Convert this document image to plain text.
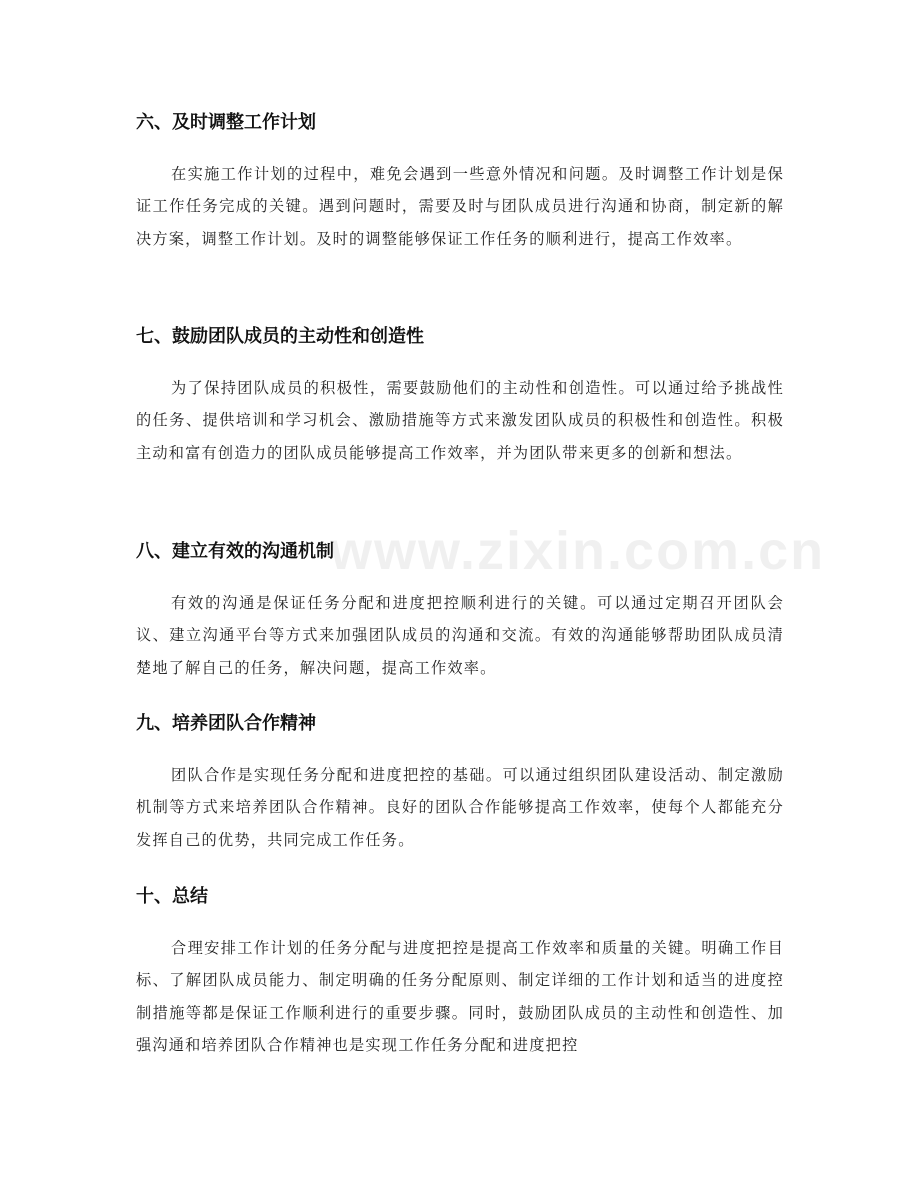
www.zixin.com.cn
六、及时调整工作计划

在实施工作计划的过程中，难免会遇到一些意外情况和问题。及时调整工作计划是保证工作任务完成的关键。遇到问题时，需要及时与团队成员进行沟通和协商，制定新的解决方案，调整工作计划。及时的调整能够保证工作任务的顺利进行，提高工作效率。

七、鼓励团队成员的主动性和创造性

为了保持团队成员的积极性，需要鼓励他们的主动性和创造性。可以通过给予挑战性的任务、提供培训和学习机会、激励措施等方式来激发团队成员的积极性和创造性。积极主动和富有创造力的团队成员能够提高工作效率，并为团队带来更多的创新和想法。

八、建立有效的沟通机制

有效的沟通是保证任务分配和进度把控顺利进行的关键。可以通过定期召开团队会议、建立沟通平台等方式来加强团队成员的沟通和交流。有效的沟通能够帮助团队成员清楚地了解自己的任务，解决问题，提高工作效率。

九、培养团队合作精神

团队合作是实现任务分配和进度把控的基础。可以通过组织团队建设活动、制定激励机制等方式来培养团队合作精神。良好的团队合作能够提高工作效率，使每个人都能充分发挥自己的优势，共同完成工作任务。

十、总结

合理安排工作计划的任务分配与进度把控是提高工作效率和质量的关键。明确工作目标、了解团队成员能力、制定明确的任务分配原则、制定详细的工作计划和适当的进度控制措施等都是保证工作顺利进行的重要步骤。同时，鼓励团队成员的主动性和创造性、加强沟通和培养团队合作精神也是实现工作任务分配和进度把控
